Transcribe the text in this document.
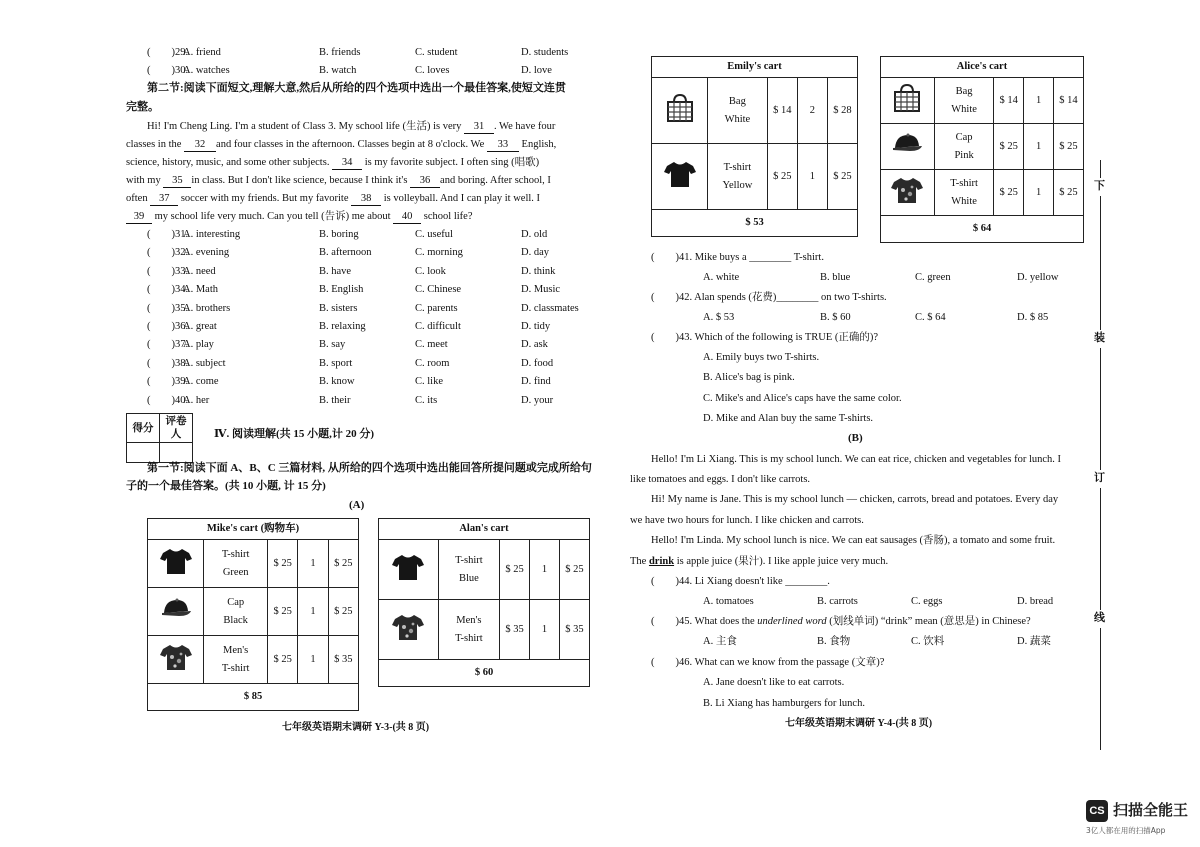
(　　)29.
A. friend	B. friends	C. student	D. students
(　　)30.
A. watches	B. watch	C. loves	D. love
第二节:阅读下面短文,理解大意,然后从所给的四个选项中选出一个最佳答案,使短文连贯
完整。
Hi! I'm Cheng Ling. I'm a student of Class 3. My school life (生活) is very 31 . We have four
classes in the 32 and four classes in the afternoon. Classes begin at 8 o'clock. We 33 English,
science, history, music, and some other subjects. 34 is my favorite subject. I often sing (唱歌)
with my 35 in class. But I don't like science, because I think it's 36 and boring. After school, I
often 37 soccer with my friends. But my favorite 38 is volleyball. And I can play it well. I
39 my school life very much. Can you tell (告诉) me about 40 school life?
(　　)31.
A. interesting	B. boring	C. useful	D. old
(　　)32.
A. evening	B. afternoon	C. morning	D. day
(　　)33.
A. need	B. have	C. look	D. think
(　　)34.
A. Math	B. English	C. Chinese	D. Music
(　　)35.
A. brothers	B. sisters	C. parents	D. classmates
(　　)36.
A. great	B. relaxing	C. difficult	D. tidy
(　　)37.
A. play	B. say	C. meet	D. ask
(　　)38.
A. subject	B. sport	C. room	D. food
(　　)39.
A. come	B. know	C. like	D. find
(　　)40.
A. her	B. their	C. its	D. your
得分	评卷人
		Ⅳ. 阅读理解(共 15 小题,计 20 分)
第一节:阅读下面 A、B、C 三篇材料, 从所给的四个选项中选出能回答所提问题或完成所给句
子的一个最佳答案。(共 10 小题, 计 15 分)
(A)
Mike's cart (购物车)				

T-shirt
Green	$ 25	1	$ 25

Cap
Black	$ 25	1	$ 25

Men's
T-shirt	$ 25	1	$ 35
$ 85				
Alan's cart				

T-shirt
Blue	$ 25	1	$ 25

Men's
T-shirt	$ 35	1	$ 35
$ 60				
七年级英语期末调研 Y-3-(共 8 页)
Emily's cart				

Bag
White	$ 14	2	$ 28

T-shirt
Yellow	$ 25	1	$ 25
$ 53				
Alice's cart				

Bag
White	$ 14	1	$ 14

Cap
Pink	$ 25	1	$ 25

T-shirt
White	$ 25	1	$ 25
$ 64				
(　　)41. Mike buys a ________ T-shirt.
A. white	B. blue	C. green	D. yellow
(　　)42. Alan spends (花费)________ on two T-shirts.
A. $ 53	B. $ 60	C. $ 64	D. $ 85
(　　)43. Which of the following is TRUE (正确的)?
A. Emily buys two T-shirts.
B. Alice's bag is pink.
C. Mike's and Alice's caps have the same color.
D. Mike and Alan buy the same T-shirts.
(B)
Hello! I'm Li Xiang. This is my school lunch. We can eat rice, chicken and vegetables for lunch. I
like tomatoes and eggs. I don't like carrots.
Hi! My name is Jane. This is my school lunch — chicken, carrots, bread and potatoes. Every day
we have two hours for lunch. I like chicken and carrots.
Hello! I'm Linda. My school lunch is nice. We can eat sausages (香肠), a tomato and some fruit.
The drink is apple juice (果汁). I like apple juice very much.
(　　)44. Li Xiang doesn't like ________.
A. tomatoes	B. carrots	C. eggs	D. bread
(　　)45. What does the underlined word (划线单词) “drink” mean (意思是) in Chinese?
A. 主食	B. 食物	C. 饮料	D. 蔬菜
(　　)46. What can we know from the passage (文章)?
A. Jane doesn't like to eat carrots.
B. Li Xiang has hamburgers for lunch.
七年级英语期末调研 Y-4-(共 8 页)
下
装
订
线
CS 扫描全能王
3亿人都在用的扫描App
